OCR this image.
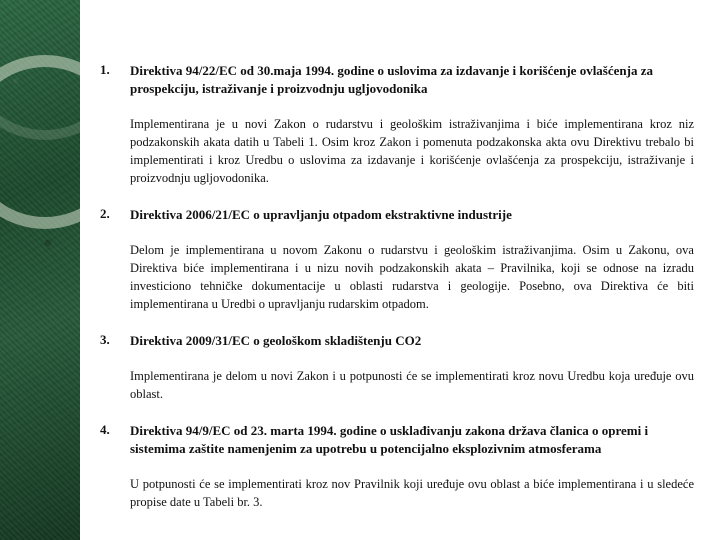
1. Direktiva 94/22/EC od 30.maja 1994. godine o uslovima za izdavanje i korišćenje ovlašćenja za prospekciju, istraživanje i proizvodnju ugljovodonika
Implementirana je u novi Zakon o rudarstvu i geološkim istraživanjima i biće implementirana kroz niz podzakonskih akata datih u Tabeli 1. Osim kroz Zakon i pomenuta podzakonska akta ovu Direktivu trebalo bi implementirati i kroz Uredbu o uslovima za izdavanje i korišćenje ovlašćenja za prospekciju, istraživanje i proizvodnju ugljovodonika.
2. Direktiva 2006/21/EC o upravljanju otpadom ekstraktivne industrije
Delom je implementirana u novom Zakonu o rudarstvu i geološkim istraživanjima. Osim u Zakonu, ova Direktiva biće implementirana i u nizu novih podzakonskih akata – Pravilnika, koji se odnose na izradu investiciono tehničke dokumentacije u oblasti rudarstva i geologije. Posebno, ova Direktiva će biti implementirana u Uredbi o upravljanju rudarskim otpadom.
3. Direktiva 2009/31/EC o geološkom skladištenju CO2
Implementirana je delom u novi Zakon i u potpunosti će se implementirati kroz novu Uredbu koja uređuje ovu oblast.
4. Direktiva 94/9/EC od 23. marta 1994. godine o usklađivanju zakona država članica o opremi i sistemima zaštite namenjenim za upotrebu u potencijalno eksplozivnim atmosferama
U potpunosti će se implementirati kroz nov Pravilnik koji uređuje ovu oblast a biće implementirana i u sledeće propise date u Tabeli br. 3.
